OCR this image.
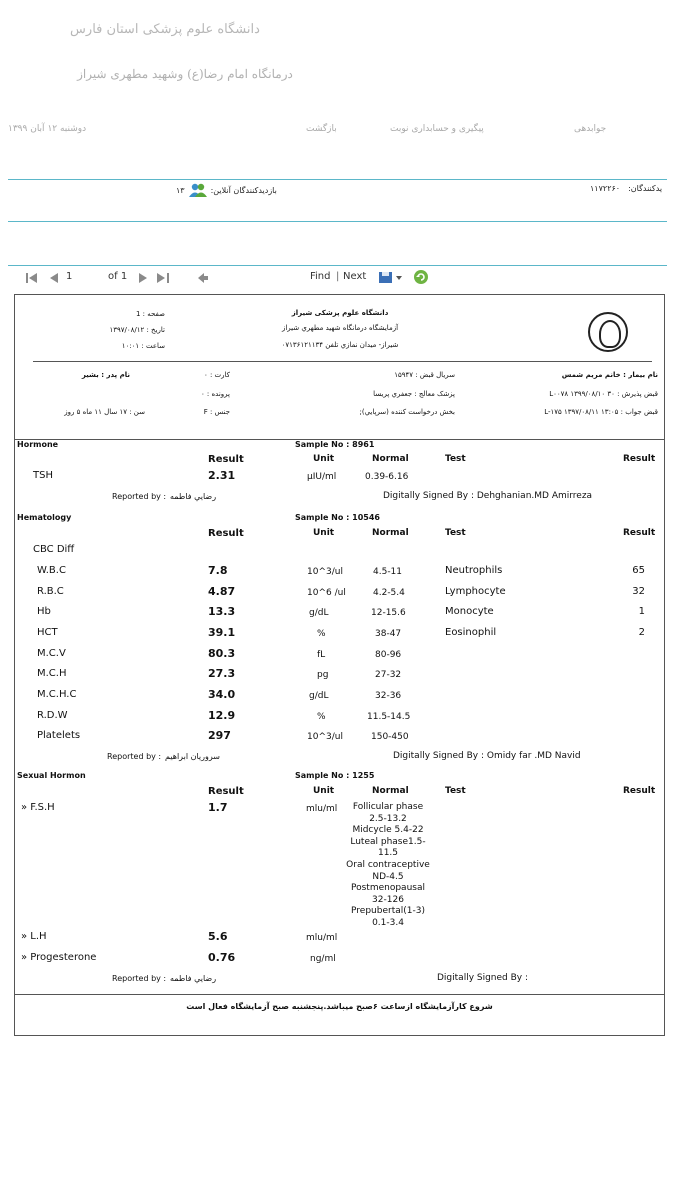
دانشگاه علوم پزشکی استان فارس
درمانگاه امام رضا(ع) وشهید مطهری شیراز
دوشنبه ۱۲ آبان ۱۳۹۹	بازگشت	پیگیری و حسابداری نوبت	جوابدهی
بازدیدکنندگان آنلاین:
۱۳	یدکنندگان:
۱۱۷۲۲۶۰
1	of 1	Find | Next
دانشگاه علوم پزشکی شیراز
آزمایشگاه درمانگاه شهید مطهري شیراز
شیراز- میدان نمازي تلفن ۰۷۱۳۶۱۲۱۱۳۴
صفحه : 1
تاريخ : ۱۳۹۷/۰۸/۱۲
ساعت : ۱۰:۰۱
نام بیمار : خانم مريم شمس
قبض پذيرش : ۳۰ ۱۳۹۹/۰۸/۱۰ L۰۰۷۸
قبض جواب : ۱۳:۰۵ ۱۳۹۷/۰۸/۱۱ L-۱۷۵
سريال قبض : ۱۵۹۴۷
پزشک معالج : جعفري پريسا
بخش درخواست کننده (سرپايي);
کارت : ۰
پرونده : ۰
جنس : F
نام پدر : بشیر
سن : ۱۷ سال ۱۱ ماه ۵ روز
Hormone	Sample No : 8961
Result	Unit	Normal	Test	Result
TSH	2.31	µIU/ml	0.39-6.16
Reported by : رضايي فاطمه	Digitally Signed By : Dehghanian.MD Amirreza
Hematology	Sample No : 10546
Result	Unit	Normal	Test	Result
CBC Diff
W.B.C	7.8	10^3/ul	4.5-11	Neutrophils	65
R.B.C	4.87	10^6 /ul	4.2-5.4	Lymphocyte	32
Hb	13.3	g/dL	12-15.6	Monocyte	1
HCT	39.1	%	38-47	Eosinophil	2
M.C.V	80.3	fL	80-96
M.C.H	27.3	pg	27-32
M.C.H.C	34.0	g/dL	32-36
R.D.W	12.9	%	11.5-14.5
Platelets	297	10^3/ul	150-450
Reported by : سروريان ابراهیم	Digitally Signed By : Omidy far .MD Navid
Sexual Hormon	Sample No : 1255
Result	Unit	Normal	Test	Result
» F.S.H	1.7	mlu/ml	Follicular phase
2.5-13.2
Midcycle 5.4-22
Luteal phase1.5-
11.5
Oral contraceptive
ND-4.5
Postmenopausal
32-126
Prepubertal(1-3)
0.1-3.4
» L.H	5.6	mlu/ml
» Progesterone	0.76	ng/ml
Reported by : رضايي فاطمه	Digitally Signed By :
شروع کارآزمایشگاه ازساعت ۶صبح میباشد.پنجشنبه صبح آزمایشگاه فعال است
